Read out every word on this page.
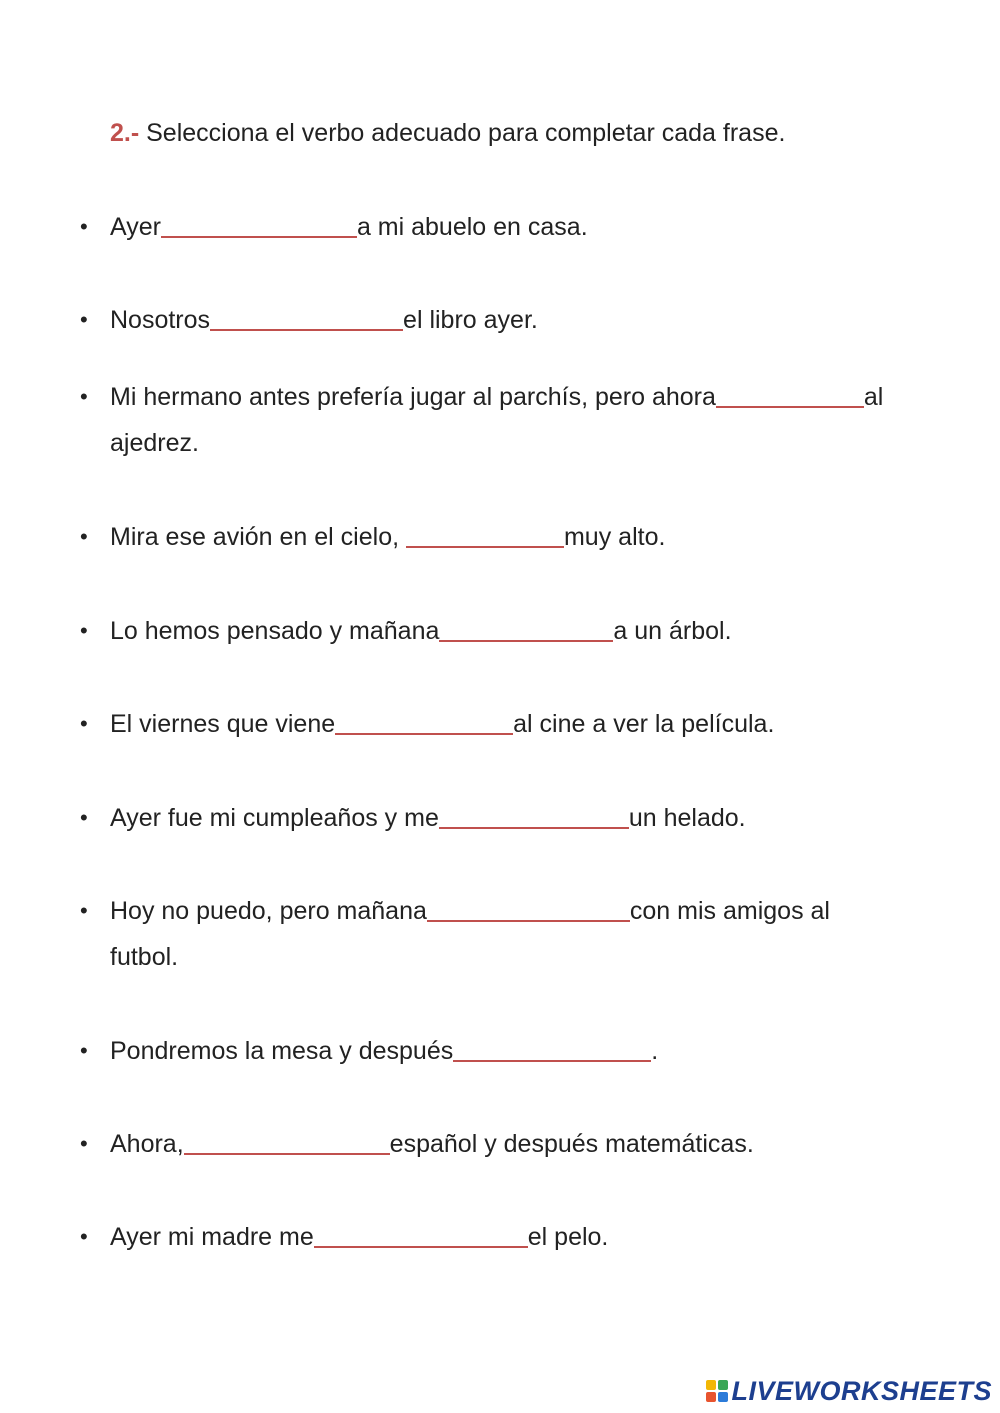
2.- Selecciona el verbo adecuado para completar cada frase.

• Ayer	a mi abuelo en casa.
• Nosotros	el libro ayer.
• Mi hermano antes prefería jugar al parchís, pero ahora	al
ajedrez.
• Mira ese avión en el cielo,	muy alto.
• Lo hemos pensado y mañana	a un árbol.
• El viernes que viene	al cine a ver la película.
• Ayer fue mi cumpleaños y me	un helado.
• Hoy no puedo, pero mañana	con mis amigos al
futbol.
• Pondremos la mesa y después	.
• Ahora,	español y después matemáticas.
• Ayer mi madre me	el pelo.
LIVEWORKSHEETS
